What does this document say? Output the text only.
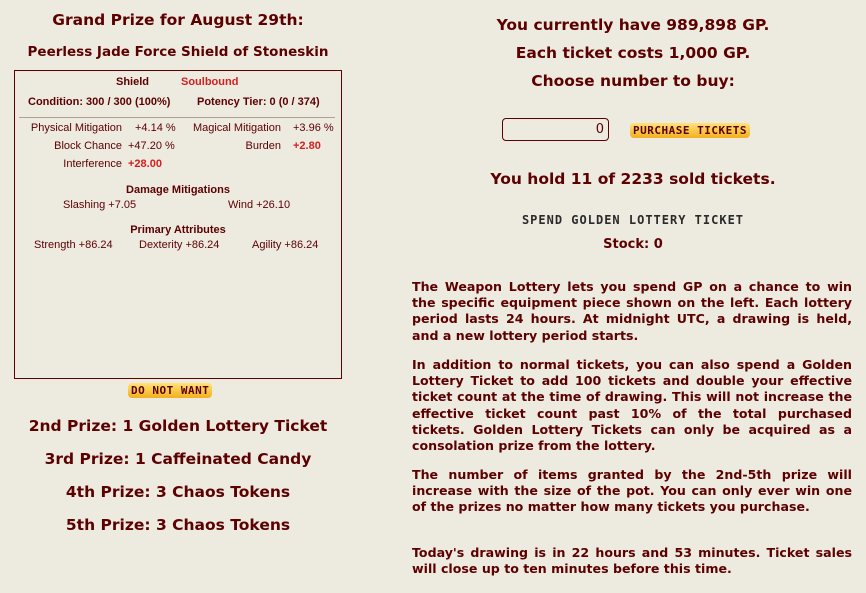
Grand Prize for August 29th:
Peerless Jade Force Shield of Stoneskin
Shield	Soulbound
Condition: 300 / 300 (100%) Potency Tier: 0 (0 / 374)
Physical Mitigation +4.14 %	Magical Mitigation +3.96 %
Block Chance +47.20 %	Burden +2.80
Interference +28.00
Damage Mitigations
Slashing +7.05	Wind +26.10
Primary Attributes
Strength +86.24 Dexterity +86.24	Agility +86.24
DO NOT WANT
2nd Prize: 1 Golden Lottery Ticket
3rd Prize: 1 Caffeinated Candy
4th Prize: 3 Chaos Tokens
5th Prize: 3 Chaos Tokens
You currently have 989,898 GP.
Each ticket costs 1,000 GP.
Choose number to buy:
0
PURCHASE TICKETS
You hold 11 of 2233 sold tickets.
SPEND GOLDEN LOTTERY TICKET
Stock: 0

The Weapon Lottery lets you spend GP on a chance to win the specific equipment piece shown on the left. Each lottery period lasts 24 hours. At midnight UTC, a drawing is held, and a new lottery period starts.

In addition to normal tickets, you can also spend a Golden Lottery Ticket to add 100 tickets and double your effective ticket count at the time of drawing. This will not increase the effective ticket count past 10% of the total purchased tickets. Golden Lottery Tickets can only be acquired as a consolation prize from the lottery.

The number of items granted by the 2nd-5th prize will increase with the size of the pot. You can only ever win one of the prizes no matter how many tickets you purchase.

Today's drawing is in 22 hours and 53 minutes. Ticket sales will close up to ten minutes before this time.
